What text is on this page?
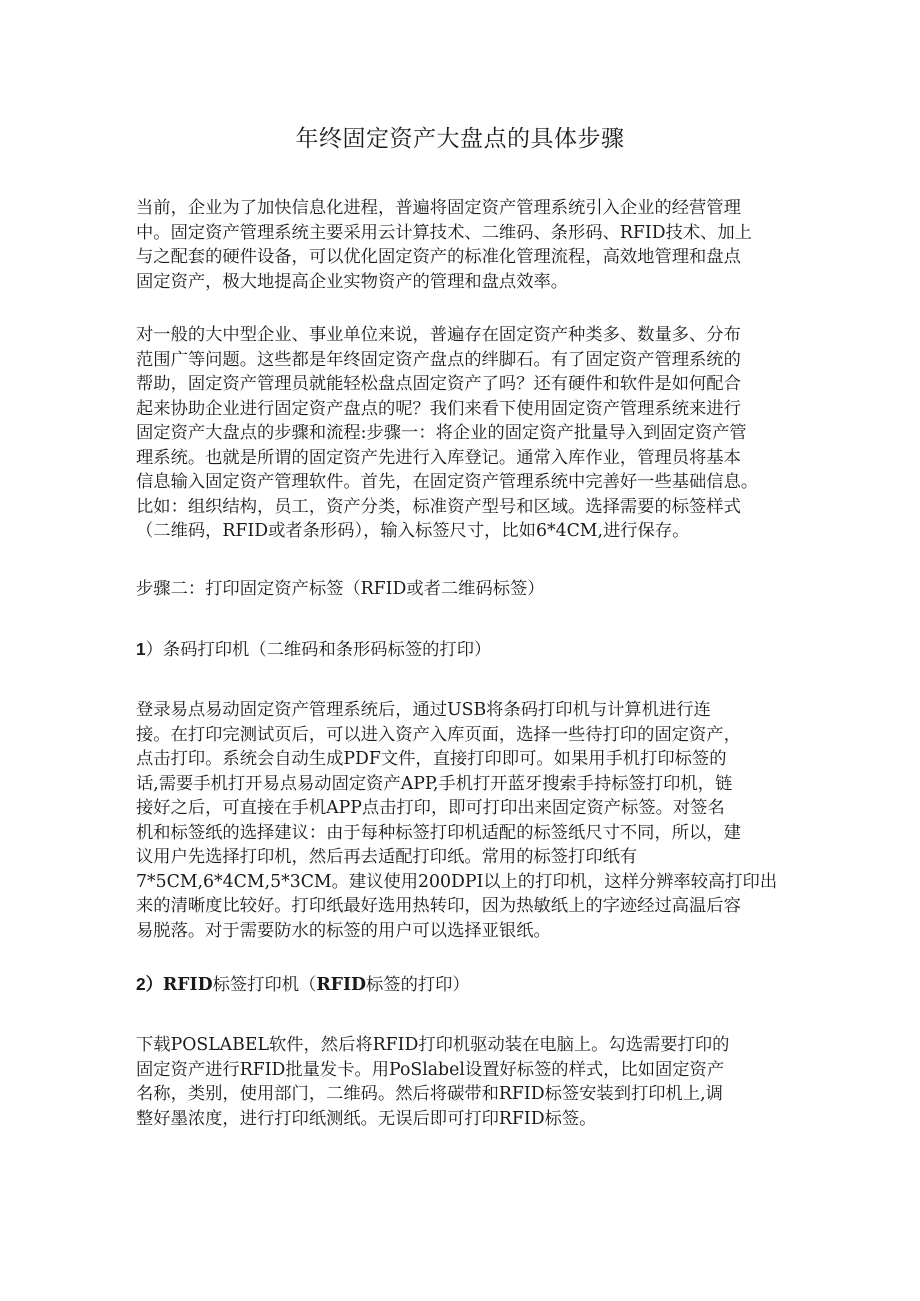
年终固定资产大盘点的具体步骤

当前，企业为了加快信息化进程，普遍将固定资产管理系统引入企业的经营管理

中。固定资产管理系统主要采用云计算技术、二维码、条形码、RFID技术、加上

与之配套的硬件设备，可以优化固定资产的标准化管理流程，高效地管理和盘点

固定资产，极大地提高企业实物资产的管理和盘点效率。

对一般的大中型企业、事业单位来说，普遍存在固定资产种类多、数量多、分布

范围广等问题。这些都是年终固定资产盘点的绊脚石。有了固定资产管理系统的

帮助，固定资产管理员就能轻松盘点固定资产了吗？还有硬件和软件是如何配合

起来协助企业进行固定资产盘点的呢？我们来看下使用固定资产管理系统来进行

固定资产大盘点的步骤和流程:步骤一：将企业的固定资产批量导入到固定资产管

理系统。也就是所谓的固定资产先进行入库登记。通常入库作业，管理员将基本

信息输入固定资产管理软件。首先，在固定资产管理系统中完善好一些基础信息。

比如：组织结构，员工，资产分类，标准资产型号和区域。选择需要的标签样式

（二维码，RFID或者条形码），输入标签尺寸，比如6*4CM,进行保存。

步骤二：打印固定资产标签（RFID或者二维码标签）

1）条码打印机（二维码和条形码标签的打印）

登录易点易动固定资产管理系统后，通过USB将条码打印机与计算机进行连

接。在打印完测试页后，可以进入资产入库页面，选择一些待打印的固定资产，

点击打印。系统会自动生成PDF文件，直接打印即可。如果用手机打印标签的

话,需要手机打开易点易动固定资产APP,手机打开蓝牙搜索手持标签打印机，链

接好之后，可直接在手机APP点击打印，即可打印出来固定资产标签。对签名

机和标签纸的选择建议：由于每种标签打印机适配的标签纸尺寸不同，所以，建

议用户先选择打印机，然后再去适配打印纸。常用的标签打印纸有

7*5CM,6*4CM,5*3CM。建议使用200DPI以上的打印机，这样分辨率较高打印出

来的清晰度比较好。打印纸最好选用热转印，因为热敏纸上的字迹经过高温后容

易脱落。对于需要防水的标签的用户可以选择亚银纸。

2）RFID标签打印机（RFID标签的打印）

下载POSLABEL软件，然后将RFID打印机驱动装在电脑上。勾选需要打印的

固定资产进行RFID批量发卡。用PoSlabel设置好标签的样式，比如固定资产

名称，类别，使用部门，二维码。然后将碳带和RFID标签安装到打印机上,调

整好墨浓度，进行打印纸测纸。无误后即可打印RFID标签。
